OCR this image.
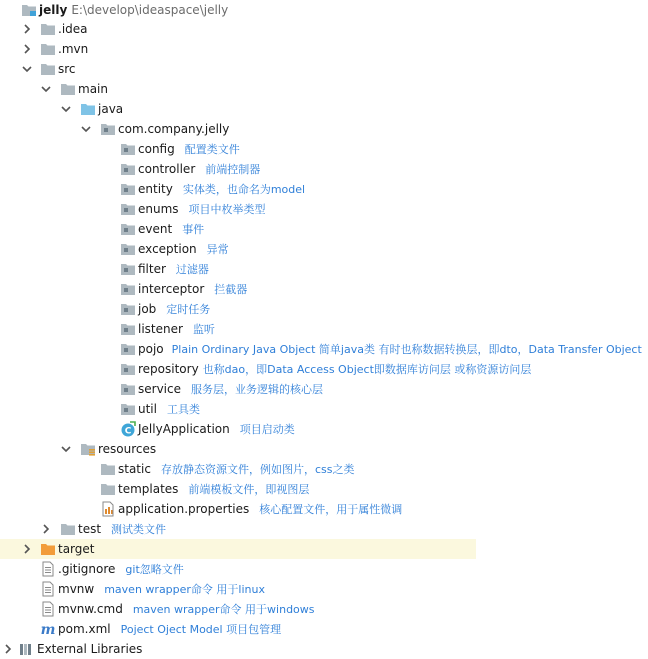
jelly E:\develop\ideaspace\jelly
.idea
.mvn
src
main
java
com.company.jelly
config 配置类文件
controller 前端控制器
entity 实体类，也命名为model
enums 项目中枚举类型
event 事件
exception 异常
filter 过滤器
interceptor 拦截器
job 定时任务
listener 监听
pojo Plain Ordinary Java Object 简单java类 有时也称数据转换层，即dto，Data Transfer Object
repository 也称dao，即Data Access Object即数据库访问层 或称资源访问层
service 服务层，业务逻辑的核心层
util 工具类
C JellyApplication 项目启动类
resources
static 存放静态资源文件，例如图片，css之类
templates 前端模板文件，即视图层
application.properties 核心配置文件，用于属性微调
test 测试类文件
target
.gitignore git忽略文件
mvnw maven wrapper命令 用于linux
mvnw.cmd maven wrapper命令 用于windows
m pom.xml Poject Oject Model 项目包管理
External Libraries
